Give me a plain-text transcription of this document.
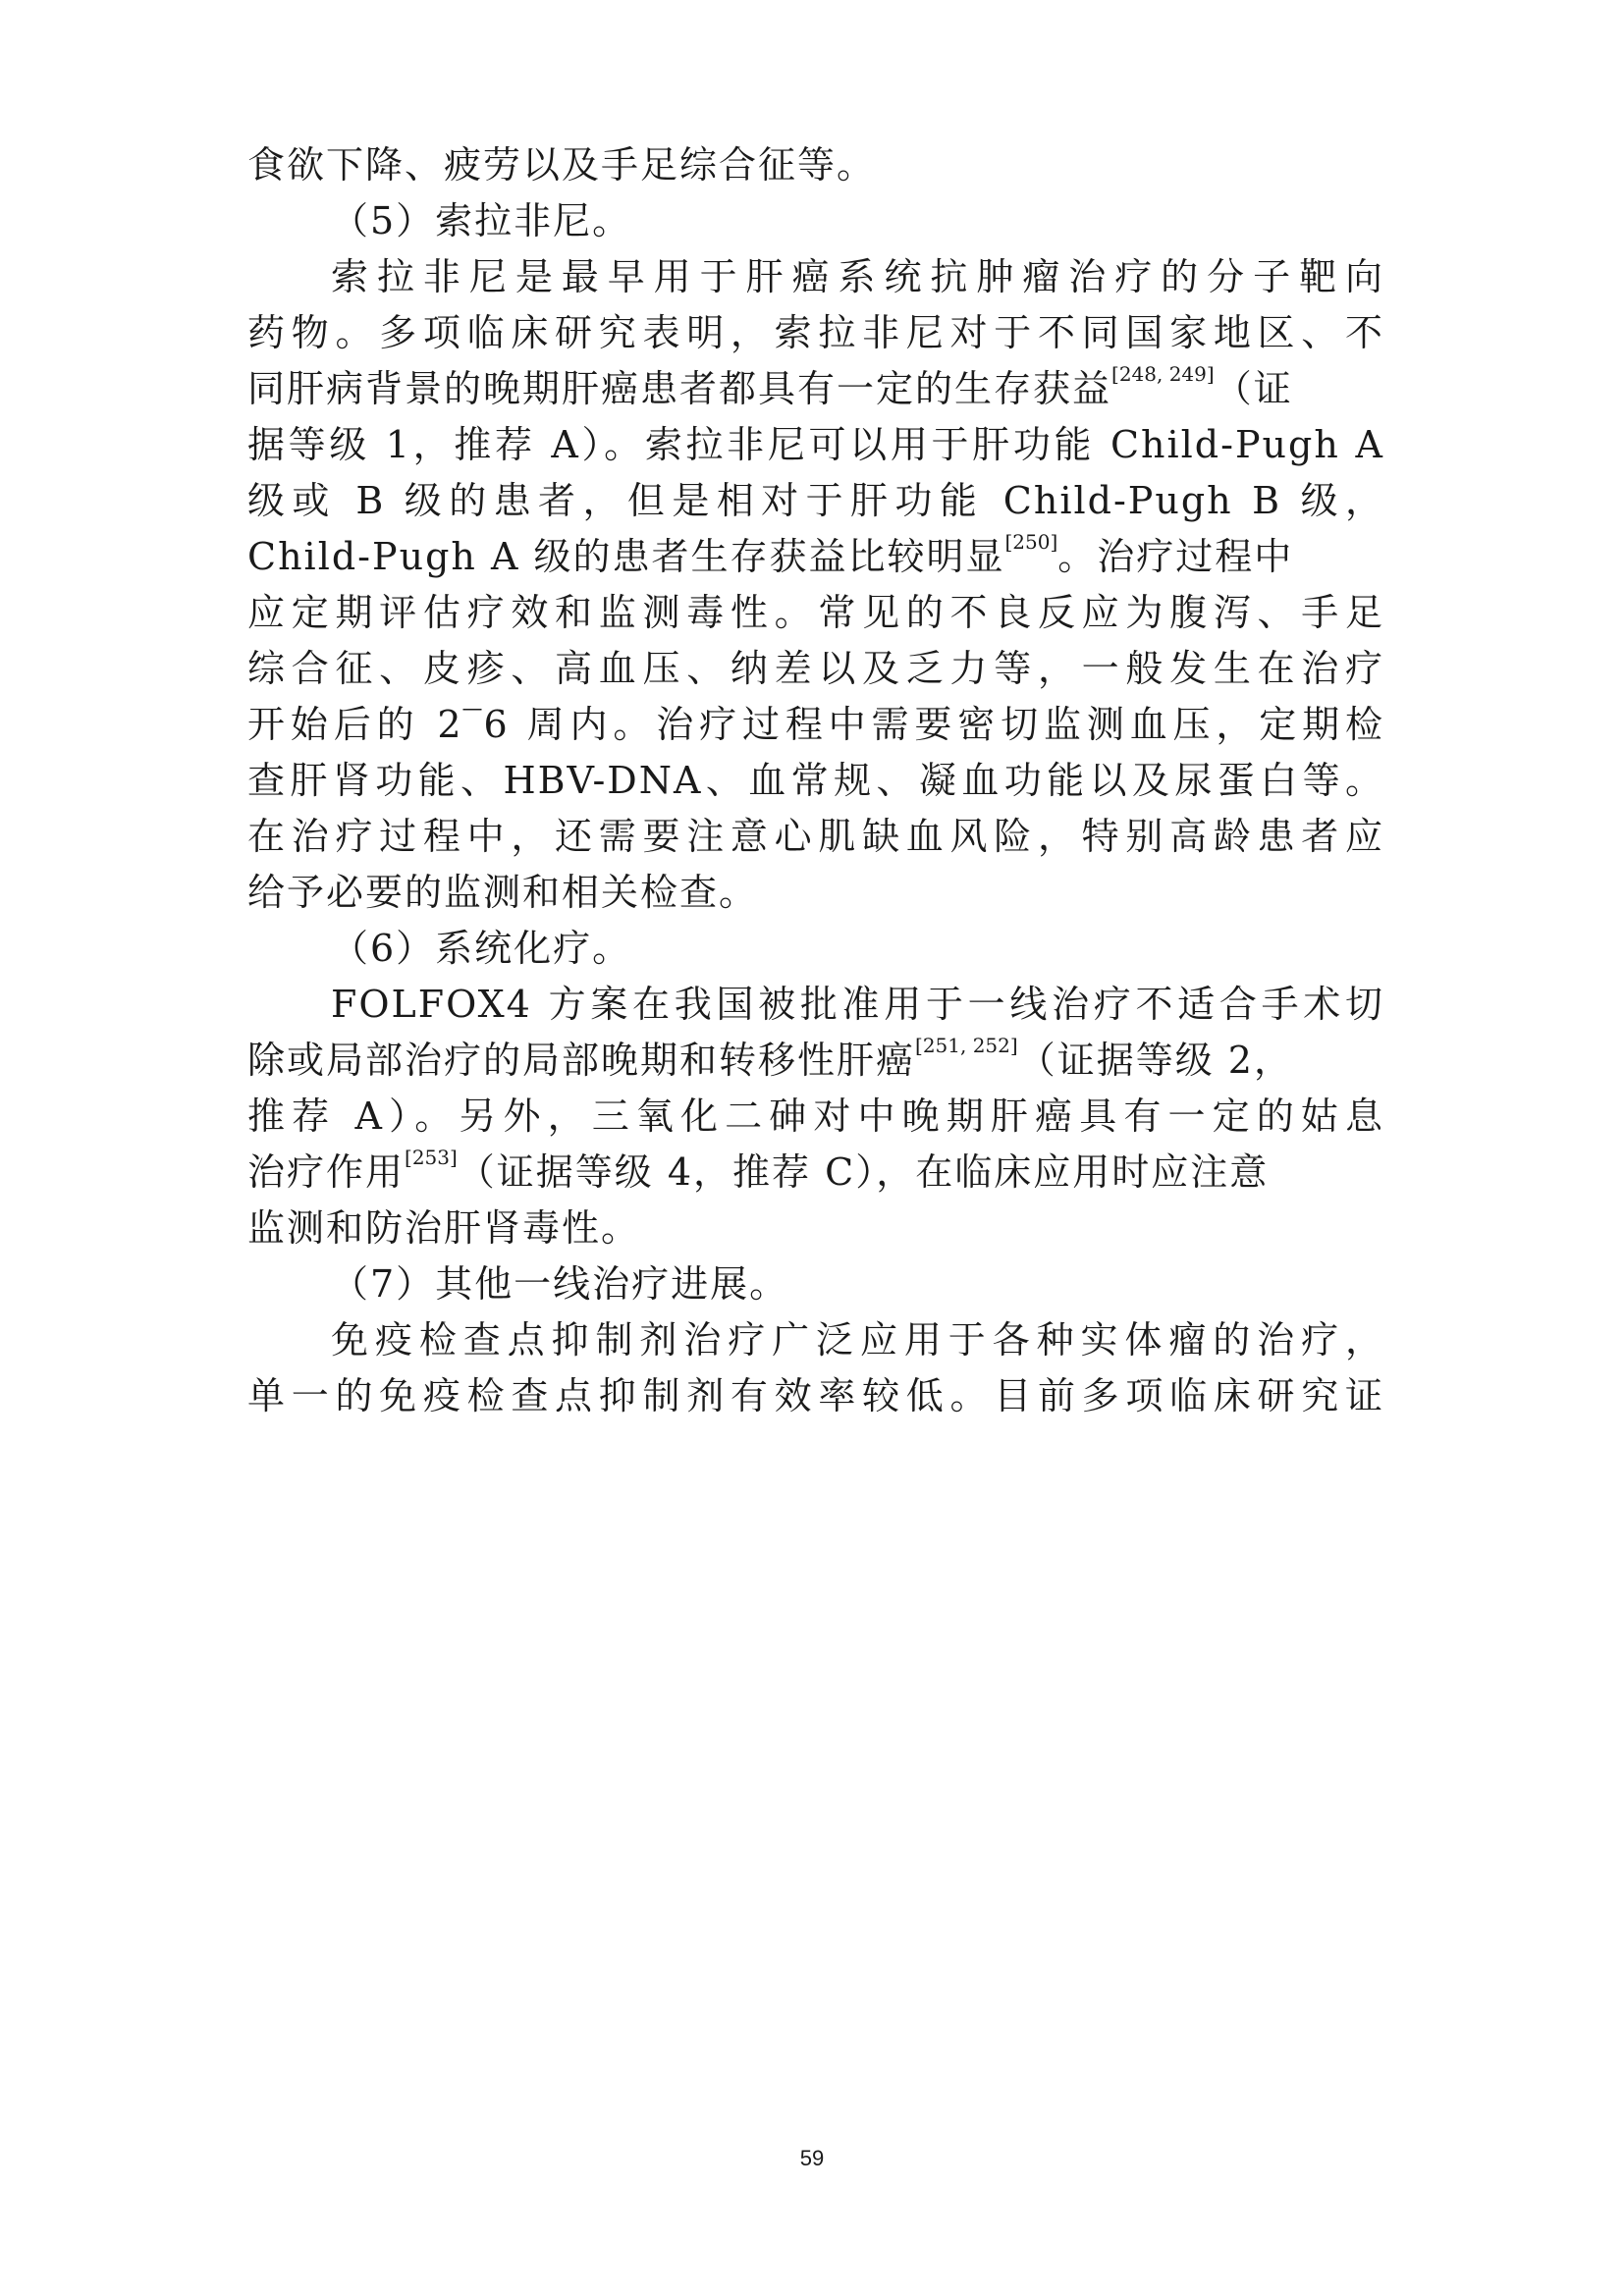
食欲下降、疲劳以及手足综合征等。
（5）索拉非尼。
索拉非尼是最早用于肝癌系统抗肿瘤治疗的分子靶向
药物。多项临床研究表明，索拉非尼对于不同国家地区、不
同肝病背景的晚期肝癌患者都具有一定的生存获益[248, 249]（证
据等级 1，推荐 A）。索拉非尼可以用于肝功能 Child-Pugh A
级或 B 级的患者，但是相对于肝功能 Child-Pugh B 级，
Child-Pugh A 级的患者生存获益比较明显[250]。治疗过程中
应定期评估疗效和监测毒性。常见的不良反应为腹泻、手足
综合征、皮疹、高血压、纳差以及乏力等，一般发生在治疗
开始后的 2‾6 周内。治疗过程中需要密切监测血压，定期检
查肝肾功能、HBV-DNA、血常规、凝血功能以及尿蛋白等。
在治疗过程中，还需要注意心肌缺血风险，特别高龄患者应
给予必要的监测和相关检查。
（6）系统化疗。
FOLFOX4 方案在我国被批准用于一线治疗不适合手术切
除或局部治疗的局部晚期和转移性肝癌[251, 252]（证据等级 2，
推荐 A）。另外，三氧化二砷对中晚期肝癌具有一定的姑息
治疗作用[253]（证据等级 4，推荐 C），在临床应用时应注意
监测和防治肝肾毒性。
（7）其他一线治疗进展。
免疫检查点抑制剂治疗广泛应用于各种实体瘤的治疗，
单一的免疫检查点抑制剂有效率较低。目前多项临床研究证
59
